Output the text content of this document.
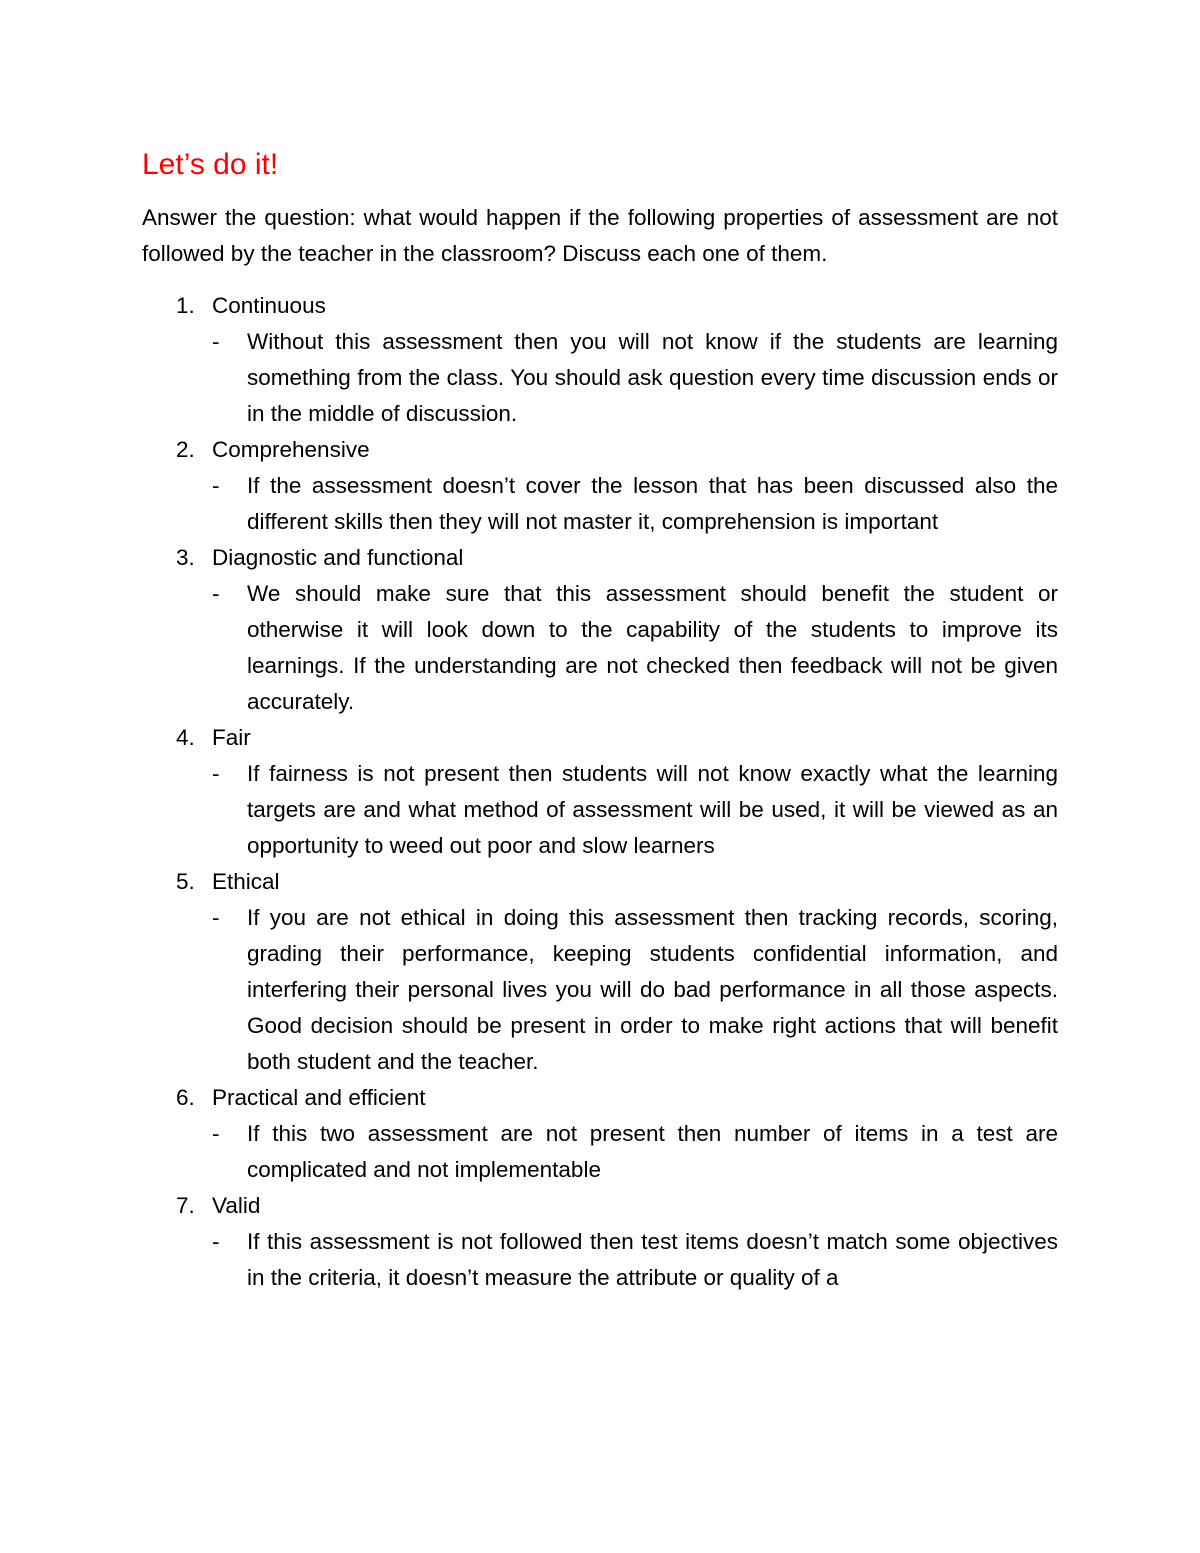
Let’s do it!

Answer the question: what would happen if the following properties of assessment are not followed by the teacher in the classroom? Discuss each one of them.

1. Continuous
- Without this assessment then you will not know if the students are learning something from the class. You should ask question every time discussion ends or in the middle of discussion.
2. Comprehensive
- If the assessment doesn’t cover the lesson that has been discussed also the different skills then they will not master it, comprehension is important
3. Diagnostic and functional
- We should make sure that this assessment should benefit the student or otherwise it will look down to the capability of the students to improve its learnings. If the understanding are not checked then feedback will not be given accurately.
4. Fair
- If fairness is not present then students will not know exactly what the learning targets are and what method of assessment will be used, it will be viewed as an opportunity to weed out poor and slow learners
5. Ethical
- If you are not ethical in doing this assessment then tracking records, scoring, grading their performance, keeping students confidential information, and interfering their personal lives you will do bad performance in all those aspects. Good decision should be present in order to make right actions that will benefit both student and the teacher.
6. Practical and efficient
- If this two assessment are not present then number of items in a test are complicated and not implementable
7. Valid
- If this assessment is not followed then test items doesn’t match some objectives in the criteria, it doesn’t measure the attribute or quality of a
